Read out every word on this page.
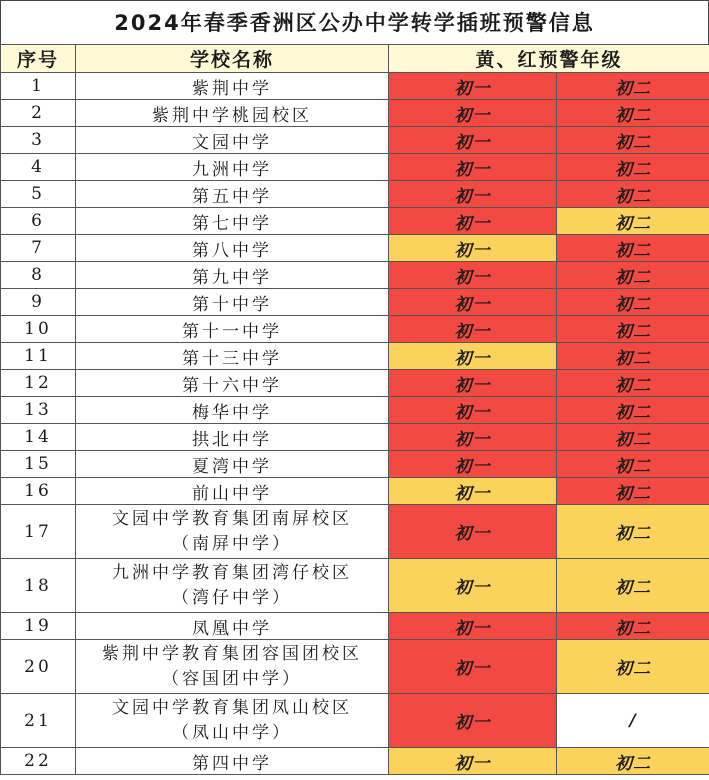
2024年春季香洲区公办中学转学插班预警信息
序号	学校名称	黄、红预警年级	
1	紫荆中学	初一	初二
2	紫荆中学桃园校区	初一	初二
3	文园中学	初一	初二
4	九洲中学	初一	初二
5	第五中学	初一	初二
6	第七中学	初一	初二
7	第八中学	初一	初二
8	第九中学	初一	初二
9	第十中学	初一	初二
10	第十一中学	初一	初二
11	第十三中学	初一	初二
12	第十六中学	初一	初二
13	梅华中学	初一	初二
14	拱北中学	初一	初二
15	夏湾中学	初一	初二
16	前山中学	初一	初二
17	文园中学教育集团南屏校区
（南屏中学）	初一	初二
18	九洲中学教育集团湾仔校区
（湾仔中学）	初一	初二
19	凤凰中学	初一	初二
20	紫荆中学教育集团容国团校区
（容国团中学）	初一	初二
21	文园中学教育集团凤山校区
（凤山中学）	初一	/
22	第四中学	初一	初二
